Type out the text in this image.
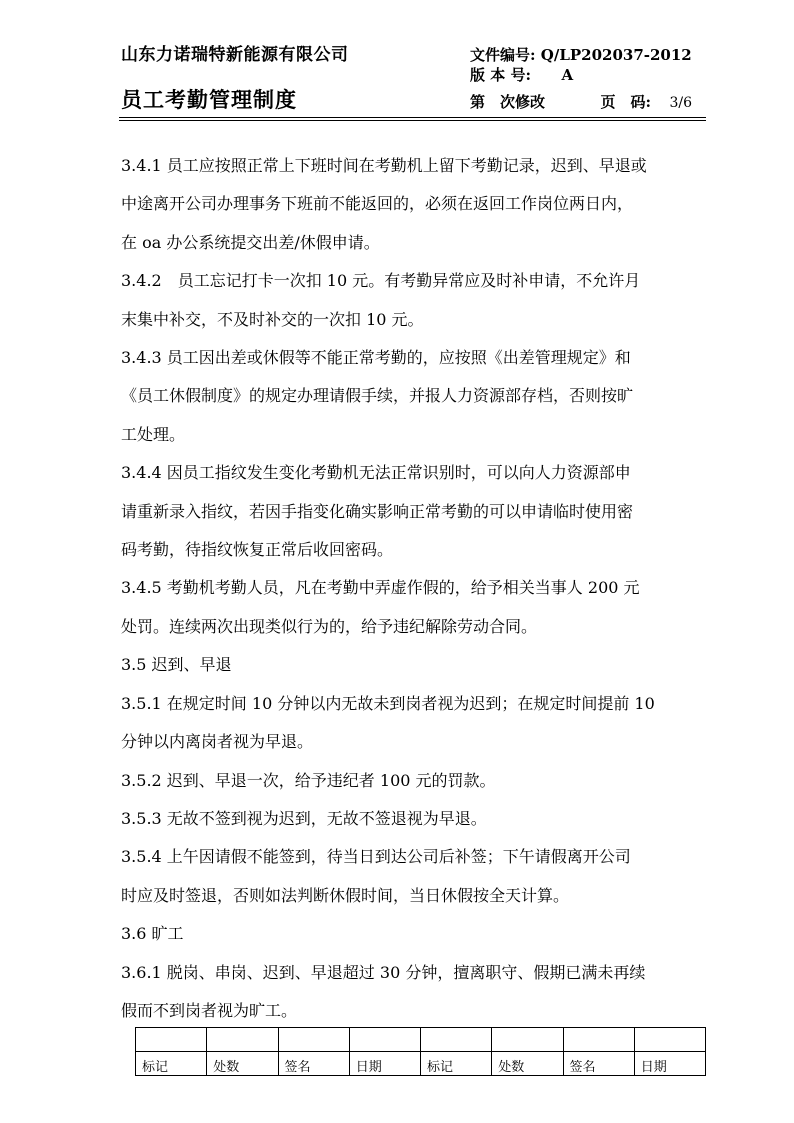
山东力诺瑞特新能源有限公司	文件编号: Q/LP202037-2012
版 本 号: A
员工考勤管理制度	第　次修改	页　码: 3/6

3.4.1 员工应按照正常上下班时间在考勤机上留下考勤记录，迟到、早退或

中途离开公司办理事务下班前不能返回的，必须在返回工作岗位两日内，

在 oa 办公系统提交出差/休假申请。

3.4.2　员工忘记打卡一次扣 10 元。有考勤异常应及时补申请，不允许月

末集中补交，不及时补交的一次扣 10 元。

3.4.3 员工因出差或休假等不能正常考勤的，应按照《出差管理规定》和

《员工休假制度》的规定办理请假手续，并报人力资源部存档，否则按旷

工处理。

3.4.4 因员工指纹发生变化考勤机无法正常识别时，可以向人力资源部申

请重新录入指纹，若因手指变化确实影响正常考勤的可以申请临时使用密

码考勤，待指纹恢复正常后收回密码。

3.4.5 考勤机考勤人员，凡在考勤中弄虚作假的，给予相关当事人 200 元

处罚。连续两次出现类似行为的，给予违纪解除劳动合同。

3.5 迟到、早退

3.5.1 在规定时间 10 分钟以内无故未到岗者视为迟到；在规定时间提前 10

分钟以内离岗者视为早退。

3.5.2 迟到、早退一次，给予违纪者 100 元的罚款。

3.5.3 无故不签到视为迟到，无故不签退视为早退。

3.5.4 上午因请假不能签到，待当日到达公司后补签；下午请假离开公司

时应及时签退，否则如法判断休假时间，当日休假按全天计算。

3.6 旷工

3.6.1 脱岗、串岗、迟到、早退超过 30 分钟，擅离职守、假期已满未再续

假而不到岗者视为旷工。

标记	处数	签名	日期	标记	处数	签名	日期
